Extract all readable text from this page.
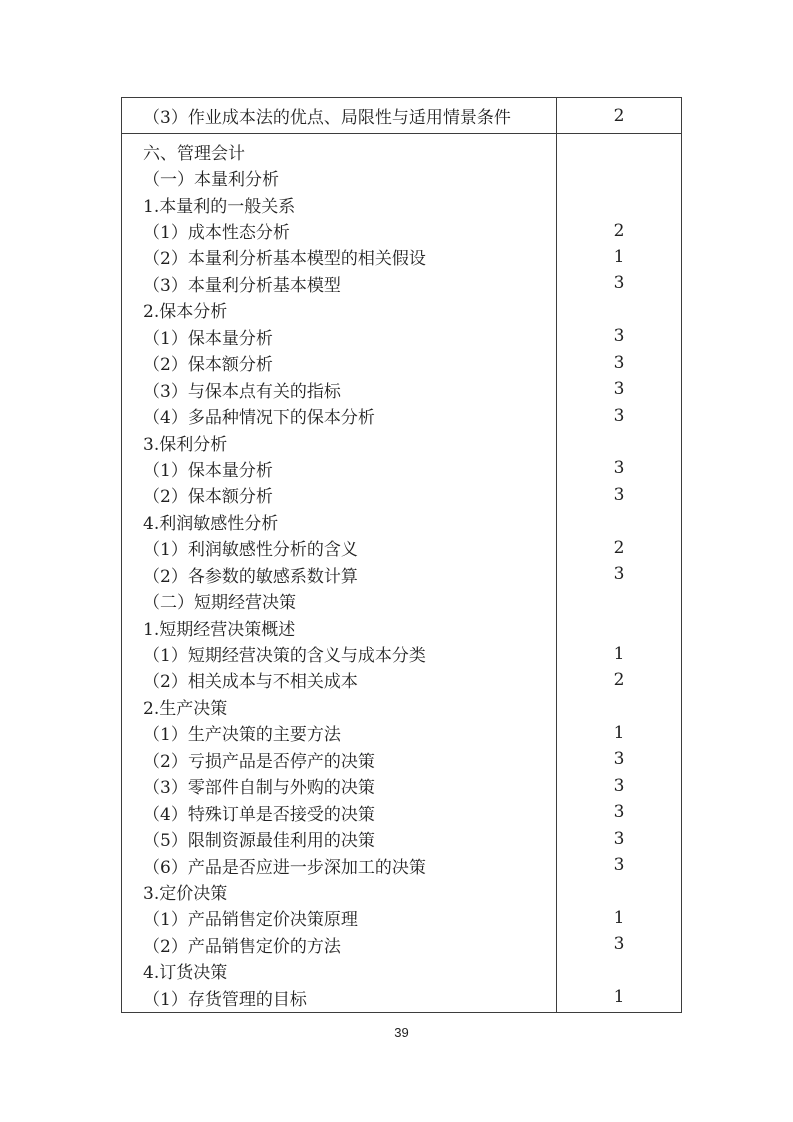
（3）作业成本法的优点、局限性与适用情景条件	2
六、管理会计
（一）本量利分析
1.本量利的一般关系
（1）成本性态分析
（2）本量利分析基本模型的相关假设
（3）本量利分析基本模型
2.保本分析
（1）保本量分析
（2）保本额分析
（3）与保本点有关的指标
（4）多品种情况下的保本分析
3.保利分析
（1）保本量分析
（2）保本额分析
4.利润敏感性分析
（1）利润敏感性分析的含义
（2）各参数的敏感系数计算
（二）短期经营决策
1.短期经营决策概述
（1）短期经营决策的含义与成本分类
（2）相关成本与不相关成本
2.生产决策
（1）生产决策的主要方法
（2）亏损产品是否停产的决策
（3）零部件自制与外购的决策
（4）特殊订单是否接受的决策
（5）限制资源最佳利用的决策
（6）产品是否应进一步深加工的决策
3.定价决策
（1）产品销售定价决策原理
（2）产品销售定价的方法
4.订货决策
（1）存货管理的目标
2
1
3
3
3
3
3
3
3
2
3
1
2
1
3
3
3
3
3
1
3
1
39
